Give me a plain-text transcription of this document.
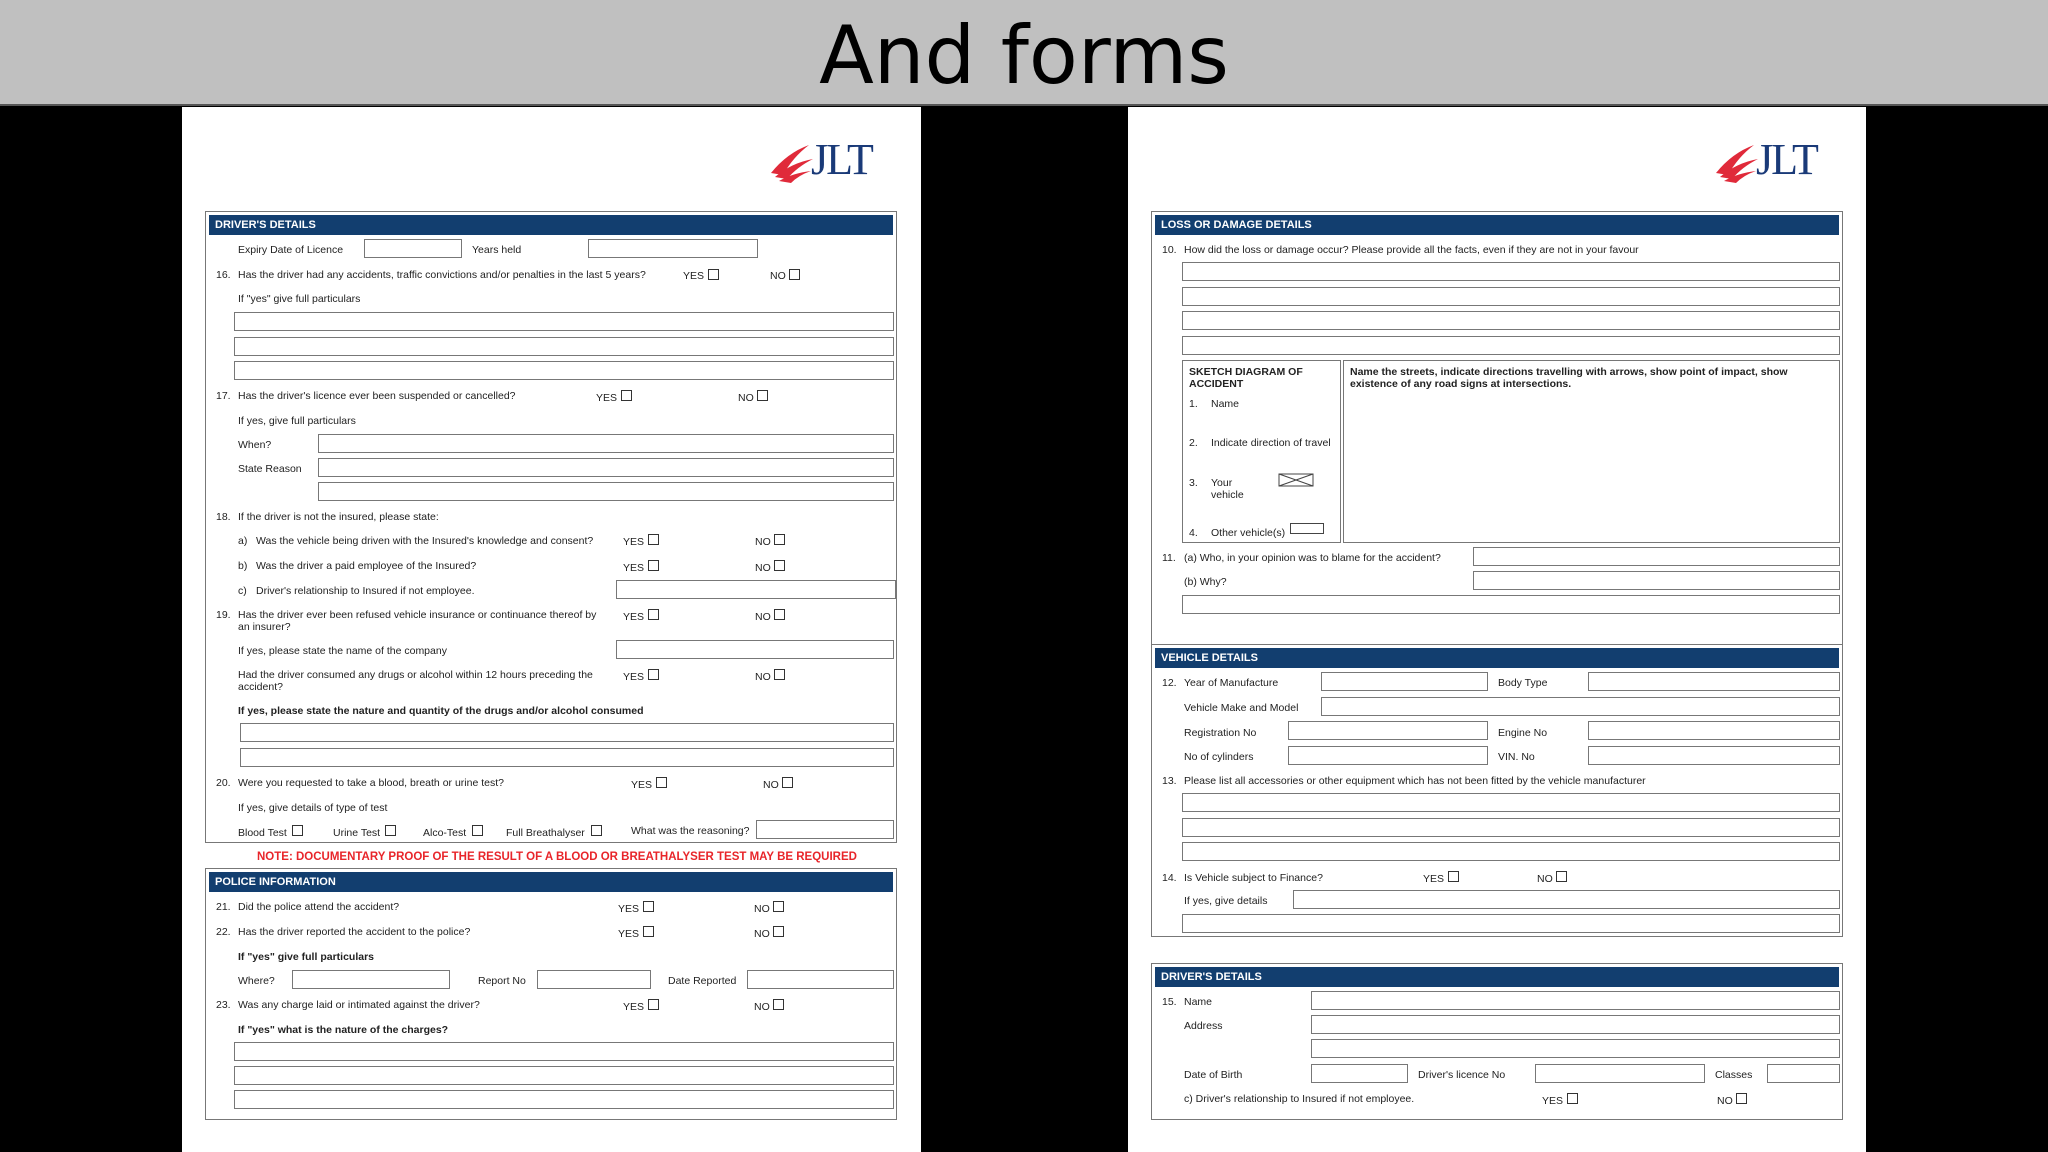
And forms
JLT
DRIVER'S DETAILS
Expiry Date of Licence	Years held
16. Has the driver had any accidents, traffic convictions and/or penalties in the last 5 years?	YES	NO
If "yes" give full particulars
17. Has the driver's licence ever been suspended or cancelled?	YES	NO
If yes, give full particulars
When?
State Reason
18. If the driver is not the insured, please state:
a) Was the vehicle being driven with the Insured's knowledge and consent?	YES	NO
b) Was the driver a paid employee of the Insured?	YES	NO
c) Driver's relationship to Insured if not employee.
19. Has the driver ever been refused vehicle insurance or continuance thereof by
an insurer?
YES	NO
If yes, please state the name of the company
Had the driver consumed any drugs or alcohol within 12 hours preceding the
accident?
YES	NO
If yes, please state the nature and quantity of the drugs and/or alcohol consumed
20. Were you requested to take a blood, breath or urine test?	YES	NO
If yes, give details of type of test
Blood Test	Urine Test	Alco-Test	Full Breathalyser	What was the reasoning?
NOTE: DOCUMENTARY PROOF OF THE RESULT OF A BLOOD OR BREATHALYSER TEST MAY BE REQUIRED
POLICE INFORMATION
21. Did the police attend the accident?	YES	NO
22. Has the driver reported the accident to the police?	YES	NO
If "yes" give full particulars
Where?	Report No	Date Reported
23. Was any charge laid or intimated against the driver?	YES	NO
If "yes" what is the nature of the charges?
JLT
LOSS OR DAMAGE DETAILS
10. How did the loss or damage occur? Please provide all the facts, even if they are not in your favour
SKETCH DIAGRAM OF
ACCIDENT
1. Name
2. Indicate direction of travel
3. Your
vehicle
4. Other vehicle(s)
Name the streets, indicate directions travelling with arrows, show point of impact, show
existence of any road signs at intersections.
11. (a) Who, in your opinion was to blame for the accident?
(b) Why?
VEHICLE DETAILS
12. Year of Manufacture	Body Type
Vehicle Make and Model
Registration No	Engine No
No of cylinders	VIN. No
13. Please list all accessories or other equipment which has not been fitted by the vehicle manufacturer
14. Is Vehicle subject to Finance?	YES	NO
If yes, give details
DRIVER'S DETAILS
15. Name
Address
Date of Birth	Driver's licence No	Classes
c) Driver's relationship to Insured if not employee.	YES	NO
